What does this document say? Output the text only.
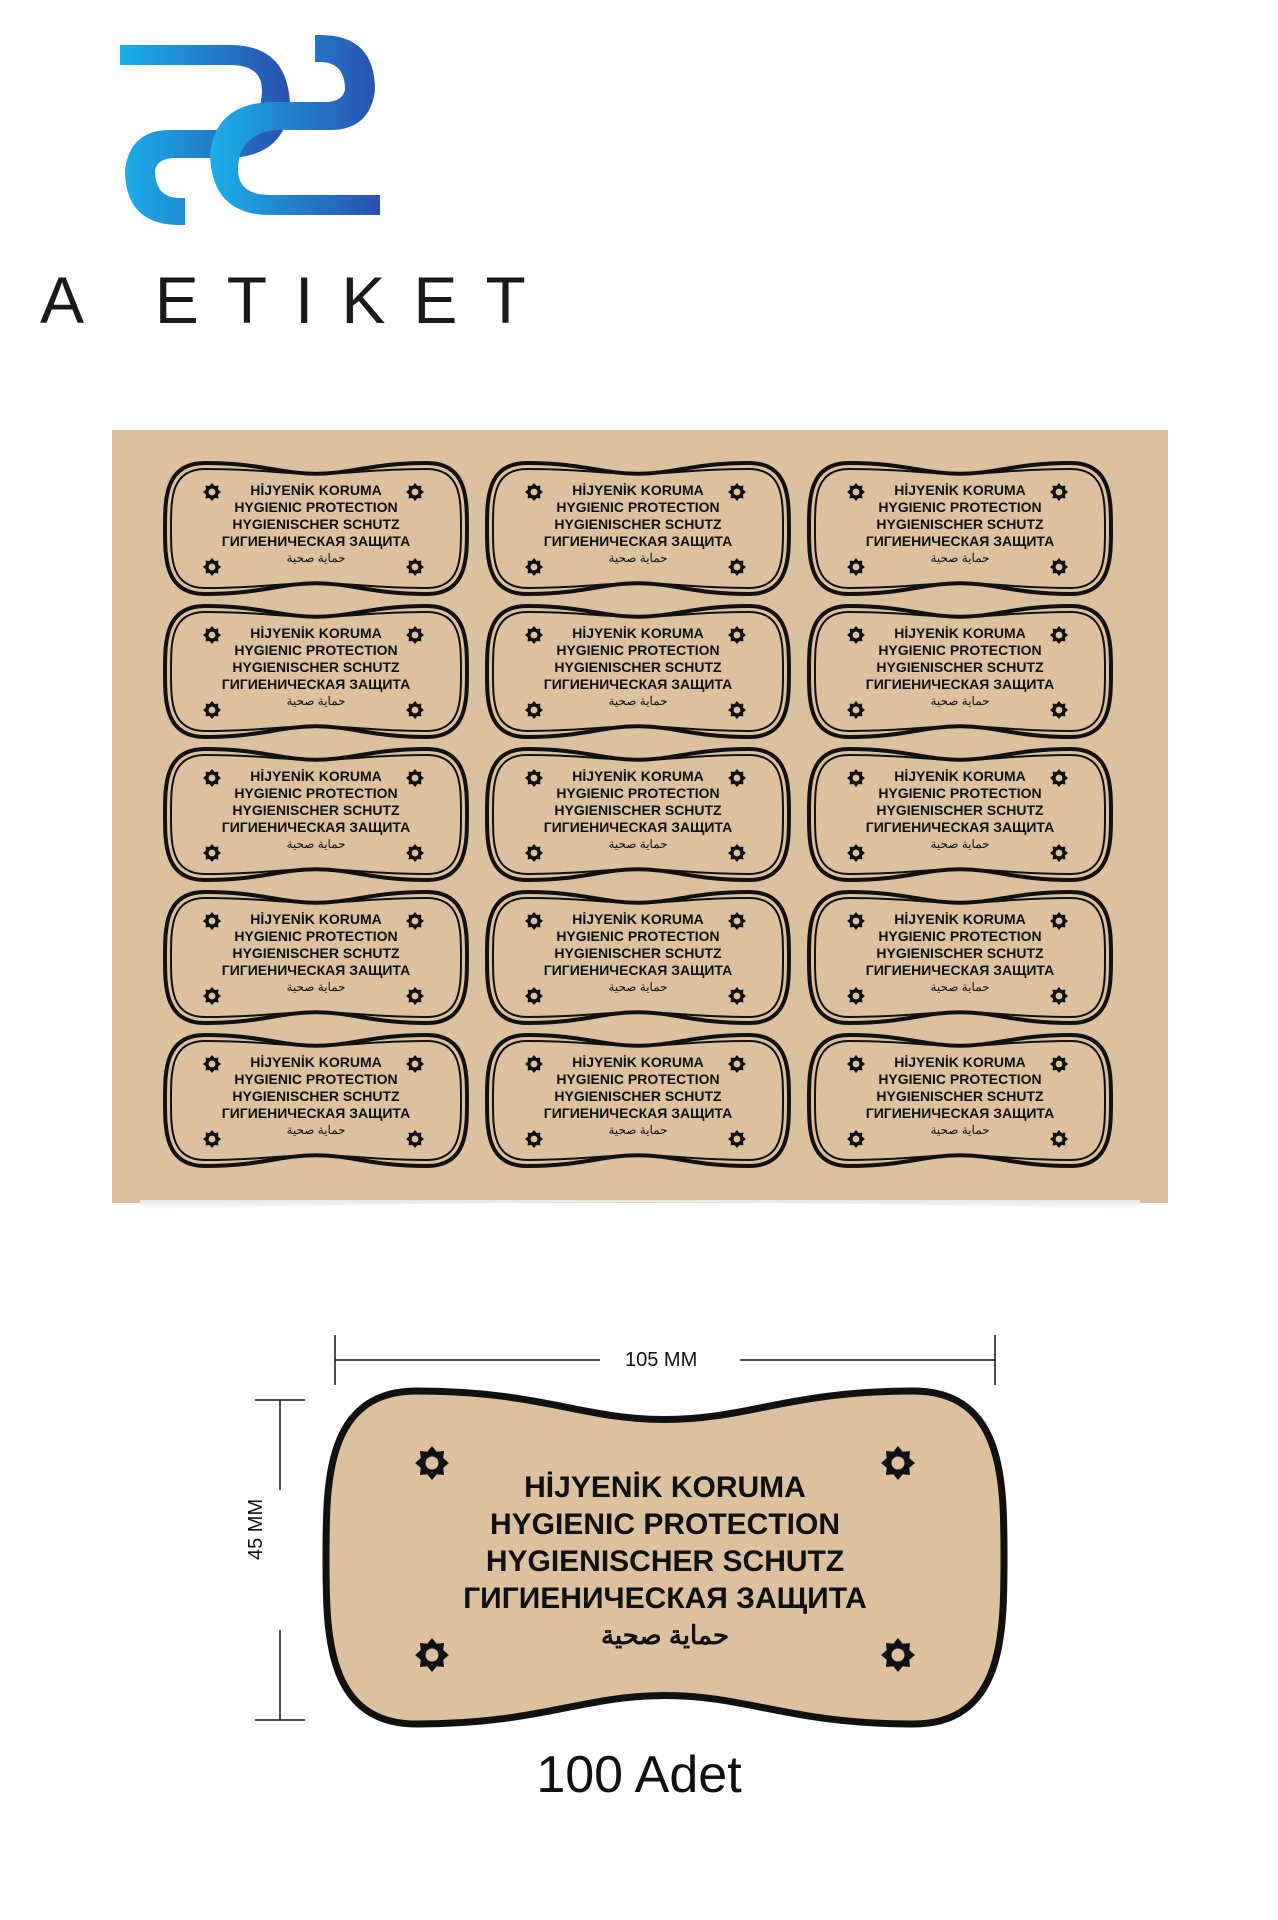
A ETIKET
HİJYENİK KORUMA
HYGIENIC PROTECTION
HYGIENISCHER SCHUTZ
ГИГИЕНИЧЕСКАЯ ЗАЩИТА
حماية صحية
HİJYENİK KORUMA
HYGIENIC PROTECTION
HYGIENISCHER SCHUTZ
ГИГИЕНИЧЕСКАЯ ЗАЩИТА
حماية صحية
HİJYENİK KORUMA
HYGIENIC PROTECTION
HYGIENISCHER SCHUTZ
ГИГИЕНИЧЕСКАЯ ЗАЩИТА
حماية صحية
HİJYENİK KORUMA
HYGIENIC PROTECTION
HYGIENISCHER SCHUTZ
ГИГИЕНИЧЕСКАЯ ЗАЩИТА
حماية صحية
HİJYENİK KORUMA
HYGIENIC PROTECTION
HYGIENISCHER SCHUTZ
ГИГИЕНИЧЕСКАЯ ЗАЩИТА
حماية صحية
HİJYENİK KORUMA
HYGIENIC PROTECTION
HYGIENISCHER SCHUTZ
ГИГИЕНИЧЕСКАЯ ЗАЩИТА
حماية صحية
HİJYENİK KORUMA
HYGIENIC PROTECTION
HYGIENISCHER SCHUTZ
ГИГИЕНИЧЕСКАЯ ЗАЩИТА
حماية صحية
HİJYENİK KORUMA
HYGIENIC PROTECTION
HYGIENISCHER SCHUTZ
ГИГИЕНИЧЕСКАЯ ЗАЩИТА
حماية صحية
HİJYENİK KORUMA
HYGIENIC PROTECTION
HYGIENISCHER SCHUTZ
ГИГИЕНИЧЕСКАЯ ЗАЩИТА
حماية صحية
HİJYENİK KORUMA
HYGIENIC PROTECTION
HYGIENISCHER SCHUTZ
ГИГИЕНИЧЕСКАЯ ЗАЩИТА
حماية صحية
HİJYENİK KORUMA
HYGIENIC PROTECTION
HYGIENISCHER SCHUTZ
ГИГИЕНИЧЕСКАЯ ЗАЩИТА
حماية صحية
HİJYENİK KORUMA
HYGIENIC PROTECTION
HYGIENISCHER SCHUTZ
ГИГИЕНИЧЕСКАЯ ЗАЩИТА
حماية صحية
HİJYENİK KORUMA
HYGIENIC PROTECTION
HYGIENISCHER SCHUTZ
ГИГИЕНИЧЕСКАЯ ЗАЩИТА
حماية صحية
HİJYENİK KORUMA
HYGIENIC PROTECTION
HYGIENISCHER SCHUTZ
ГИГИЕНИЧЕСКАЯ ЗАЩИТА
حماية صحية
HİJYENİK KORUMA
HYGIENIC PROTECTION
HYGIENISCHER SCHUTZ
ГИГИЕНИЧЕСКАЯ ЗАЩИТА
حماية صحية
105 MM
45 MM
HİJYENİK KORUMA
HYGIENIC PROTECTION
HYGIENISCHER SCHUTZ
ГИГИЕНИЧЕСКАЯ ЗАЩИТА
حماية صحية
100 Adet
